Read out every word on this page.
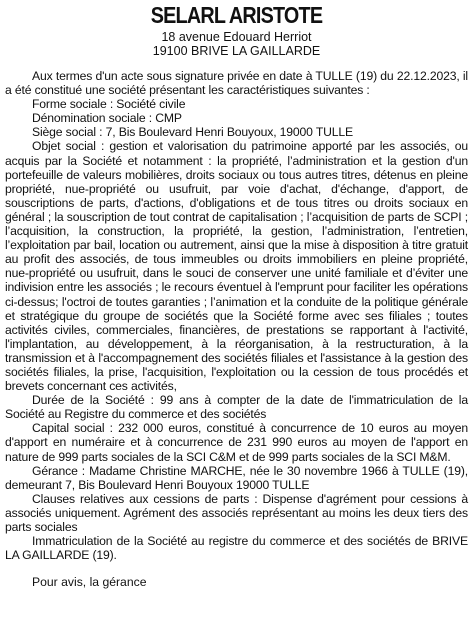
SELARL ARISTOTE
18 avenue Edouard Herriot
19100 BRIVE LA GAILLARDE

Aux termes d'un acte sous signature privée en date à TULLE (19) du 22.12.2023, il a été constitué une société présentant les caractéristiques suivantes :

Forme sociale : Société civile

Dénomination sociale : CMP

Siège social : 7, Bis Boulevard Henri Bouyoux, 19000 TULLE

Objet social : gestion et valorisation du patrimoine apporté par les associés, ou acquis par la Société et notamment : la propriété, l’administration et la gestion d'un portefeuille de valeurs mobilières, droits sociaux ou tous autres titres, détenus en pleine propriété, nue-propriété ou usufruit, par voie d'achat, d'échange, d'apport, de souscriptions de parts, d'actions, d'obligations et de tous titres ou droits sociaux en général ; la souscription de tout contrat de capitalisation ; l’acquisition de parts de SCPI ; l’acquisition, la construction, la propriété, la gestion, l’administration, l’entretien, l’exploitation par bail, location ou autrement, ainsi que la mise à disposition à titre gratuit au profit des associés, de tous immeubles ou droits immobiliers en pleine propriété, nue-propriété ou usufruit, dans le souci de conserver une unité familiale et d’éviter une indivision entre les associés ; le recours éventuel à l'emprunt pour faciliter les opérations ci-dessus; l'octroi de toutes garanties ; l’animation et la conduite de la politique générale et stratégique du groupe de sociétés que la Société forme avec ses filiales ; toutes activités civiles, commerciales, financières, de prestations se rapportant à l'activité, l'implantation, au développement, à la réorganisation, à la restructuration, à la transmission et à l'accompagnement des sociétés filiales et l'assistance à la gestion des sociétés filiales, la prise, l'acquisition, l'exploitation ou la cession de tous procédés et brevets concernant ces activités,

Durée de la Société : 99 ans à compter de la date de l'immatriculation de la Société au Registre du commerce et des sociétés

Capital social : 232 000 euros, constitué à concurrence de 10 euros au moyen d'apport en numéraire et à concurrence de 231 990 euros au moyen de l'apport en nature de 999 parts sociales de la SCI C&M et de 999 parts sociales de la SCI M&M.

Gérance : Madame Christine MARCHE, née le 30 novembre 1966 à TULLE (19), demeurant 7, Bis Boulevard Henri Bouyoux 19000 TULLE

Clauses relatives aux cessions de parts : Dispense d'agrément pour cessions à associés uniquement. Agrément des associés représentant au moins les deux tiers des parts sociales

Immatriculation de la Société au registre du commerce et des sociétés de BRIVE LA GAILLARDE (19).

Pour avis, la gérance
